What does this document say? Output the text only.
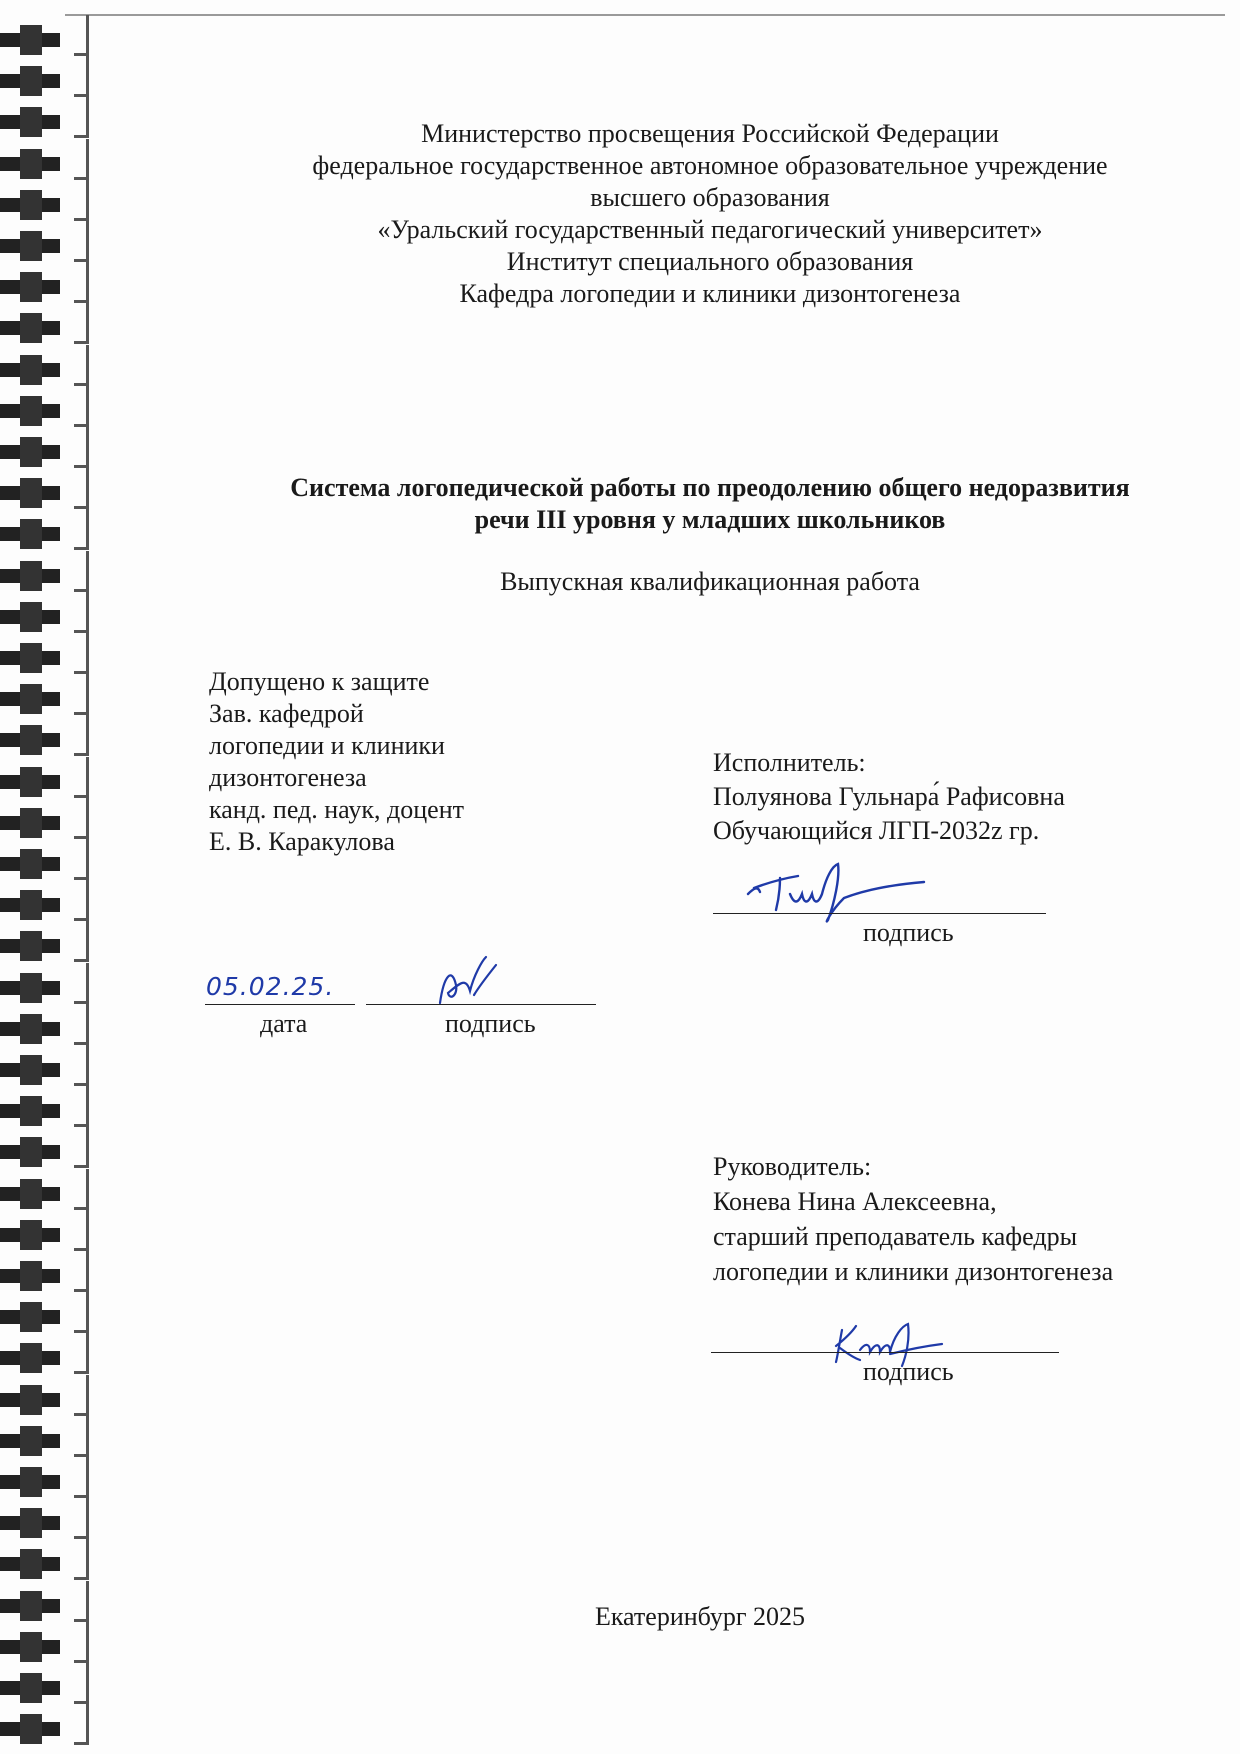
Министерство просвещения Российской Федерации
федеральное государственное автономное образовательное учреждение
высшего образования
«Уральский государственный педагогический университет»
Институт специального образования
Кафедра логопедии и клиники дизонтогенеза
Система логопедической работы по преодолению общего недоразвития
речи III уровня у младших школьников
Выпускная квалификационная работа
Допущено к защите
Зав. кафедрой
логопедии и клиники
дизонтогенеза
канд. пед. наук, доцент
Е. В. Каракулова
05.02.25.
дата	подпись
Исполнитель:
Полуянова Гульнара́ Рафисовна
Обучающийся ЛГП-2032z гр.
подпись
Руководитель:
Конева Нина Алексеевна,
старший преподаватель кафедры
логопедии и клиники дизонтогенеза
подпись
Екатеринбург 2025
